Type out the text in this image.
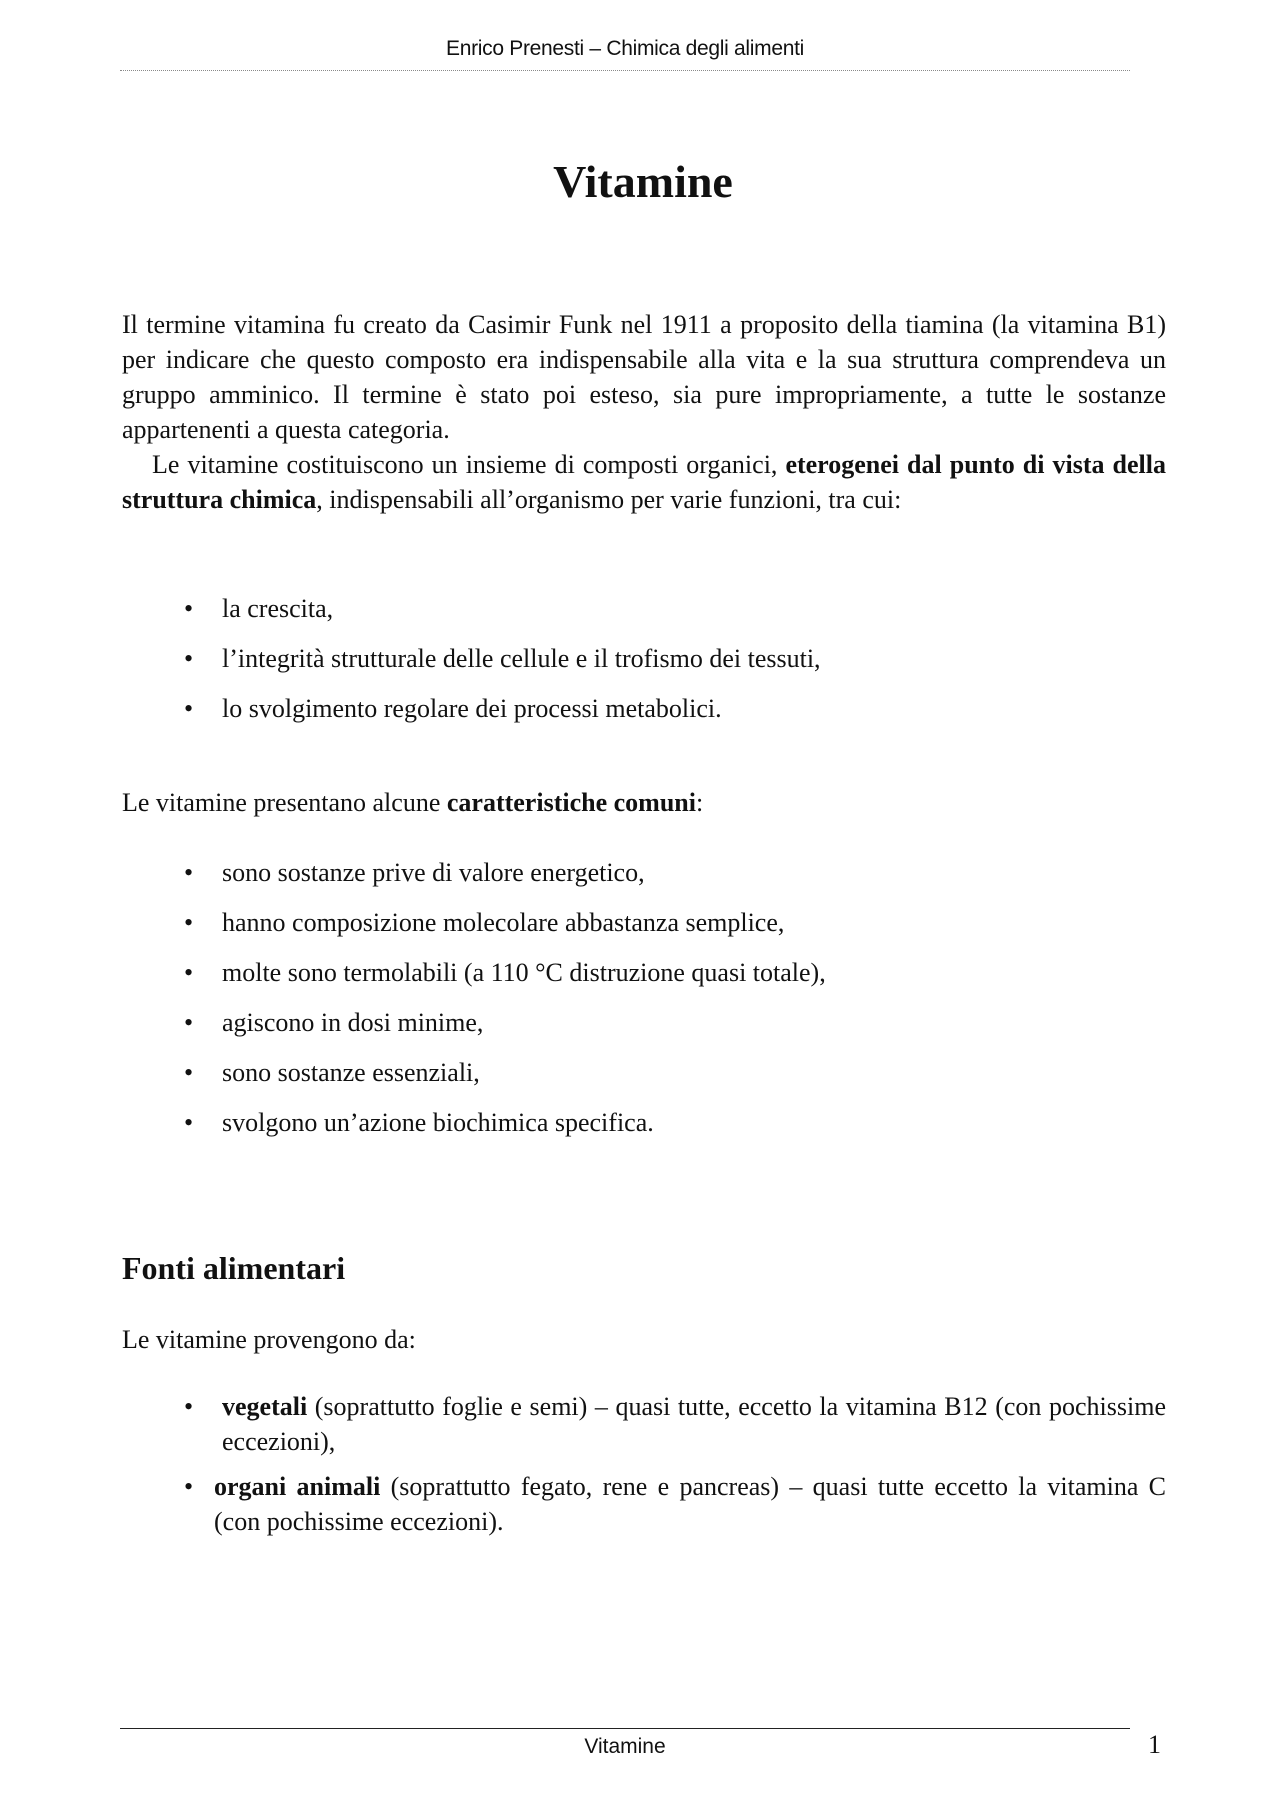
Enrico Prenesti – Chimica degli alimenti
Vitamine

Il termine vitamina fu creato da Casimir Funk nel 1911 a proposito della tiamina (la vitamina B1) per indicare che questo composto era indispensabile alla vita e la sua struttura comprendeva un gruppo amminico. Il termine è stato poi esteso, sia pure impropriamente, a tutte le sostanze appartenenti a questa categoria.

Le vitamine costituiscono un insieme di composti organici, eterogenei dal punto di vista della struttura chimica, indispensabili all’organismo per varie funzioni, tra cui:

• la crescita,
• l’integrità strutturale delle cellule e il trofismo dei tessuti,
• lo svolgimento regolare dei processi metabolici.

Le vitamine presentano alcune caratteristiche comuni:

• sono sostanze prive di valore energetico,
• hanno composizione molecolare abbastanza semplice,
• molte sono termolabili (a 110 °C distruzione quasi totale),
• agiscono in dosi minime,
• sono sostanze essenziali,
• svolgono un’azione biochimica specifica.
Fonti alimentari

Le vitamine provengono da:

• vegetali (soprattutto foglie e semi) – quasi tutte, eccetto la vitamina B12 (con pochissime eccezioni),
• organi animali (soprattutto fegato, rene e pancreas) – quasi tutte eccetto la vitamina C (con pochissime eccezioni).
Vitamine	1
